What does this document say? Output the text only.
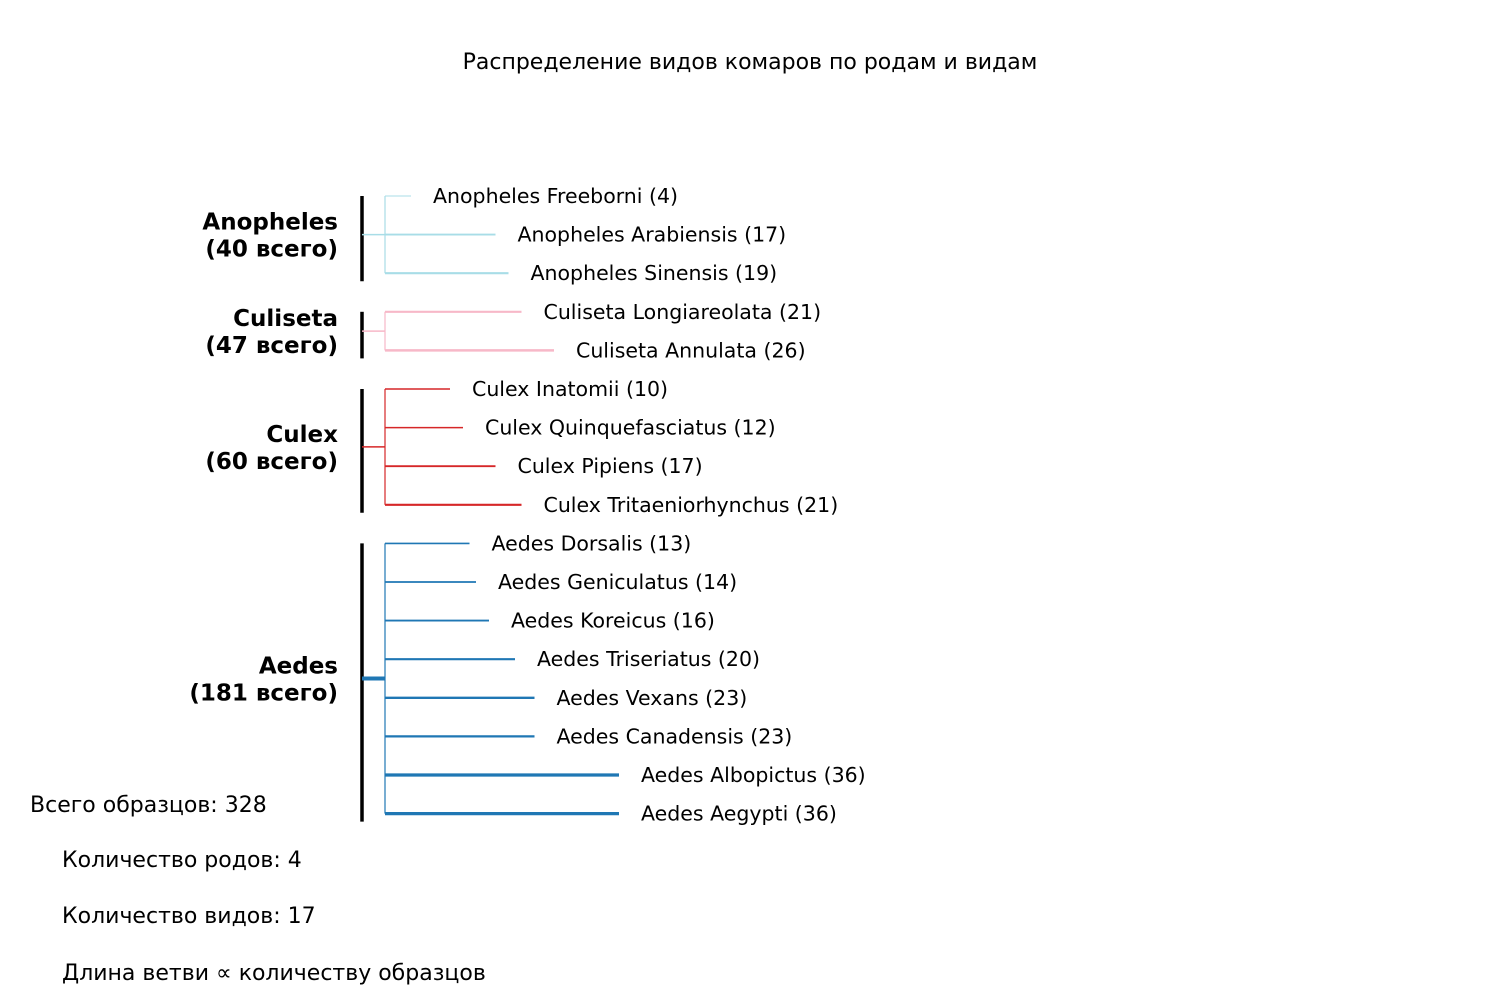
Распределение видов комаров по родам и видам
Anopheles (40 всего)
Anopheles Freeborni (4)
Anopheles Arabiensis (17)
Anopheles Sinensis (19)
Culiseta (47 всего)
Culiseta Longiareolata (21)
Culiseta Annulata (26)
Culex (60 всего)
Culex Inatomii (10)
Culex Quinquefasciatus (12)
Culex Pipiens (17)
Culex Tritaeniorhynchus (21)
Aedes (181 всего)
Aedes Dorsalis (13)
Aedes Geniculatus (14)
Aedes Koreicus (16)
Aedes Triseriatus (20)
Aedes Vexans (23)
Aedes Canadensis (23)
Aedes Albopictus (36)
Aedes Aegypti (36)
Всего образцов: 328
Количество родов: 4
Количество видов: 17
Длина ветви ∝ количеству образцов
